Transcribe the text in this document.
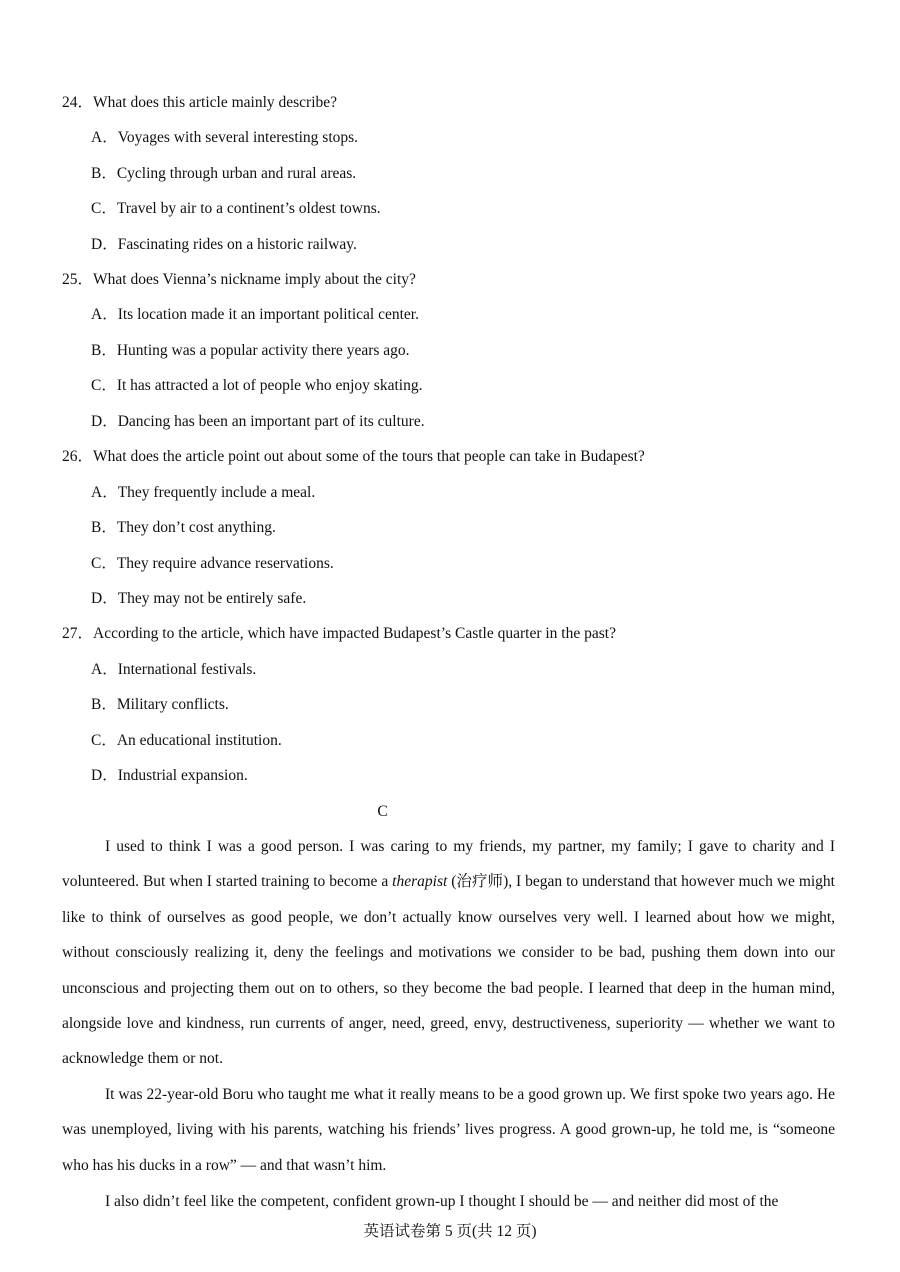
24．What does this article mainly describe?

A．Voyages with several interesting stops.

B．Cycling through urban and rural areas.

C．Travel by air to a continent’s oldest towns.

D．Fascinating rides on a historic railway.

25．What does Vienna’s nickname imply about the city?

A．Its location made it an important political center.

B．Hunting was a popular activity there years ago.

C．It has attracted a lot of people who enjoy skating.

D．Dancing has been an important part of its culture.

26．What does the article point out about some of the tours that people can take in Budapest?

A．They frequently include a meal.

B．They don’t cost anything.

C．They require advance reservations.

D．They may not be entirely safe.

27．According to the article, which have impacted Budapest’s Castle quarter in the past?

A．International festivals.

B．Military conflicts.

C．An educational institution.

D．Industrial expansion.

C

I used to think I was a good person. I was caring to my friends, my partner, my family; I gave to charity and I volunteered. But when I started training to become a therapist (治疗师), I began to understand that however much we might like to think of ourselves as good people, we don’t actually know ourselves very well. I learned about how we might, without consciously realizing it, deny the feelings and motivations we consider to be bad, pushing them down into our unconscious and projecting them out on to others, so they become the bad people. I learned that deep in the human mind, alongside love and kindness, run currents of anger, need, greed, envy, destructiveness, superiority — whether we want to acknowledge them or not.

It was 22-year-old Boru who taught me what it really means to be a good grown up. We first spoke two years ago. He was unemployed, living with his parents, watching his friends’ lives progress. A good grown-up, he told me, is “someone who has his ducks in a row” — and that wasn’t him.

I also didn’t feel like the competent, confident grown-up I thought I should be — and neither did most of the

英语试卷第 5 页(共 12 页)
